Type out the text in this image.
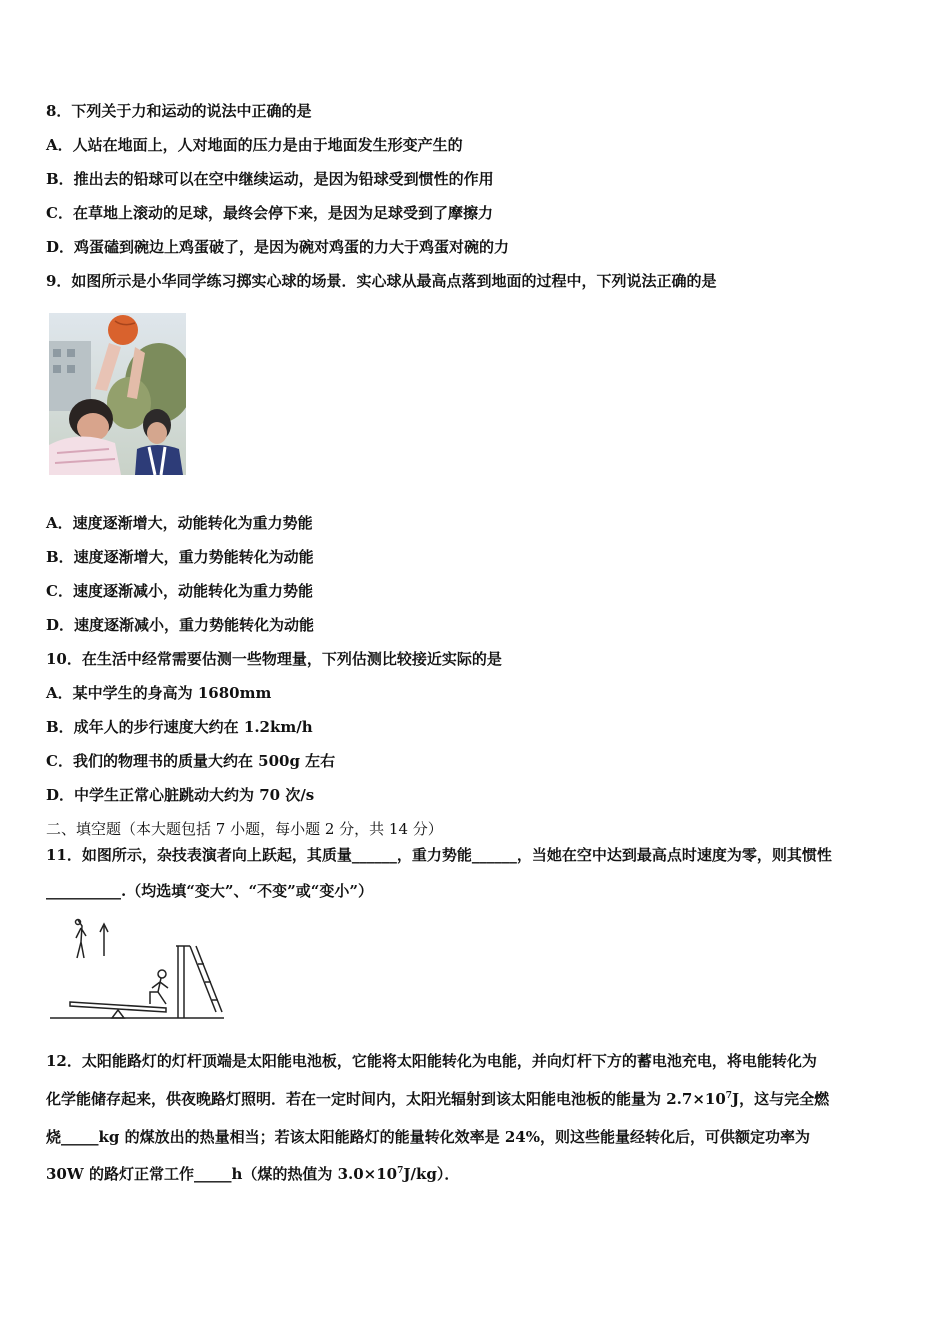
8．下列关于力和运动的说法中正确的是
A．人站在地面上，人对地面的压力是由于地面发生形变产生的
B．推出去的铅球可以在空中继续运动，是因为铅球受到惯性的作用
C．在草地上滚动的足球，最终会停下来，是因为足球受到了摩擦力
D．鸡蛋磕到碗边上鸡蛋破了，是因为碗对鸡蛋的力大于鸡蛋对碗的力
9．如图所示是小华同学练习掷实心球的场景．实心球从最高点落到地面的过程中，下列说法正确的是
A．速度逐渐增大，动能转化为重力势能
B．速度逐渐增大，重力势能转化为动能
C．速度逐渐减小，动能转化为重力势能
D．速度逐渐减小，重力势能转化为动能
10．在生活中经常需要估测一些物理量，下列估测比较接近实际的是
A．某中学生的身高为 1680mm
B．成年人的步行速度大约在 1.2km/h
C．我们的物理书的质量大约在 500g 左右
D．中学生正常心脏跳动大约为 70 次/s
二、填空题（本大题包括 7 小题，每小题 2 分，共 14 分）
11．如图所示，杂技表演者向上跃起，其质量______，重力势能______，当她在空中达到最高点时速度为零，则其惯性
__________.（均选填“变大”、“不变”或“变小”）
12．太阳能路灯的灯杆顶端是太阳能电池板，它能将太阳能转化为电能，并向灯杆下方的蓄电池充电，将电能转化为
化学能储存起来，供夜晚路灯照明．若在一定时间内，太阳光辐射到该太阳能电池板的能量为 $2.7\times 10^7J$，这与完全燃
烧_____kg 的煤放出的热量相当；若该太阳能路灯的能量转化效率是 24%，则这些能量经转化后，可供额定功率为
30W 的路灯正常工作_____h（煤的热值为 $3.0\times 10^7J/kg$）．
